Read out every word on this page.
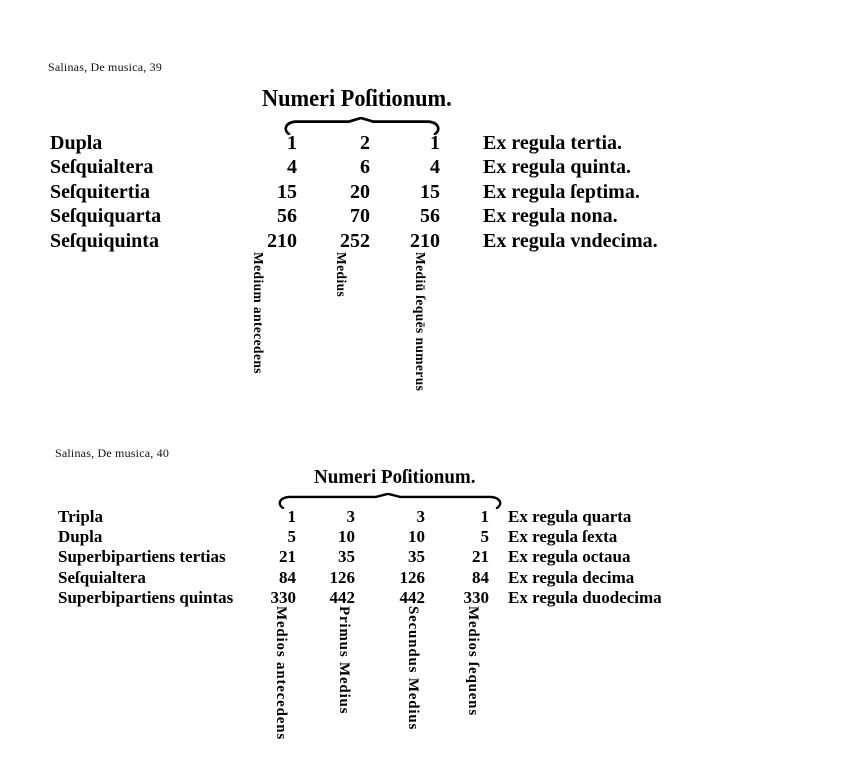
Salinas, De musica, 39
Numeri Poſitionum.
Dupla	1	2	1 Ex regula tertia.
Seſquialtera	4	6	4 Ex regula quinta.
Seſquitertia	15	20	15 Ex regula ſeptima.
Seſquiquarta	56	70	56 Ex regula nona.
Seſquiquinta	210	252	210 Ex regula vndecima.
Salinas, De musica, 40
Numeri Poſitionum.
Tripla	1	3	3	1 Ex regula quarta
Dupla	5	10	10	5 Ex regula ſexta
Superbipartiens tertias	21	35	35	21 Ex regula octaua
Seſquialtera	84	126	126	84 Ex regula decima
Superbipartiens quintas	330	442	442	330 Ex regula duodecima
Medium antecedens	Medius	Mediū ſequēs numerus
Medios antecedens	Primus Medius	Secundus Medius	Medios ſequens
